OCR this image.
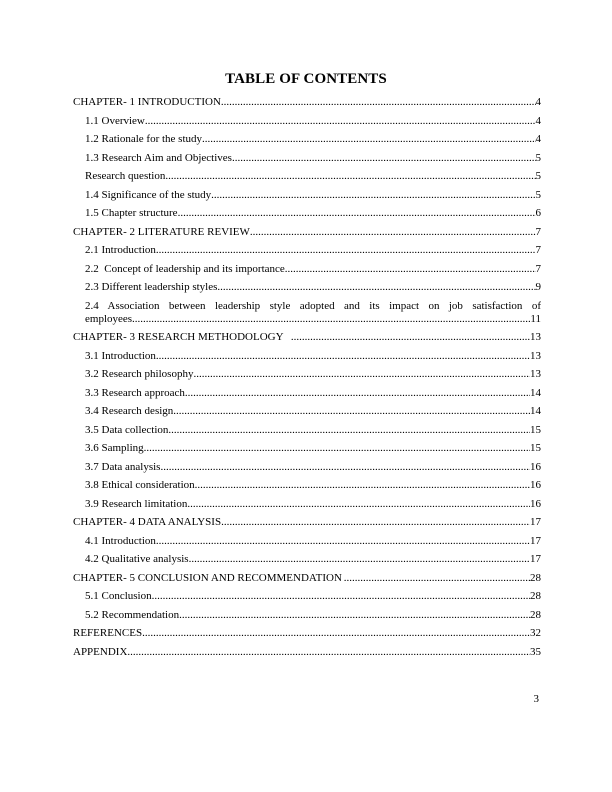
TABLE OF CONTENTS
CHAPTER- 1 INTRODUCTION .....	4
1.1 Overview .....	4
1.2 Rationale for the study .....	4
1.3 Research Aim and Objectives .....	5
Research question .....	5
1.4 Significance of the study .....	5
1.5 Chapter structure .....	6
CHAPTER- 2 LITERATURE REVIEW .....	7
2.1 Introduction .....	7
2.2  Concept of leadership and its importance .....	7
2.3 Different leadership styles .....	9
2.4 Association between leadership style adopted and its impact on job satisfaction of
employees .....	11
CHAPTER- 3 RESEARCH METHODOLOGY .....	13
3.1 Introduction .....	13
3.2 Research philosophy .....	13
3.3 Research approach .....	14
3.4 Research design .....	14
3.5 Data collection .....	15
3.6 Sampling .....	15
3.7 Data analysis .....	16
3.8 Ethical consideration .....	16
3.9 Research limitation .....	16
CHAPTER- 4 DATA ANALYSIS .....	17
4.1 Introduction .....	17
4.2 Qualitative analysis .....	17
CHAPTER- 5 CONCLUSION AND RECOMMENDATION .....	28
5.1 Conclusion .....	28
5.2 Recommendation .....	28
REFERENCES .....	32
APPENDIX .....	35
3
